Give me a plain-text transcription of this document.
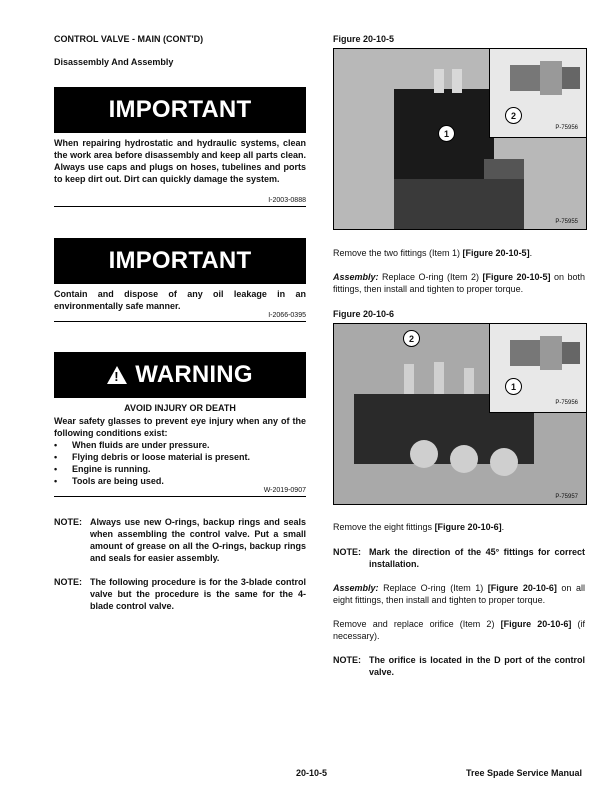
CONTROL VALVE - MAIN (CONT'D)
Disassembly And Assembly
IMPORTANT
When repairing hydrostatic and hydraulic systems, clean the work area before disassembly and keep all parts clean. Always use caps and plugs on hoses, tubelines and ports to keep dirt out. Dirt can quickly damage the system.
I-2003-0888
IMPORTANT
Contain and dispose of any oil leakage in an environmentally safe manner.
I-2066-0395
! WARNING
AVOID INJURY OR DEATH
Wear safety glasses to prevent eye injury when any of the following conditions exist:
•	When fluids are under pressure.
•	Flying debris or loose material is present.
•	Engine is running.
•	Tools are being used.
W-2019-0907
NOTE: Always use new O-rings, backup rings and seals when assembling the control valve. Put a small amount of grease on all the O-rings, backup rings and seals for easier assembly.
NOTE: The following procedure is for the 3-blade control valve but the procedure is the same for the 4-blade control valve.
Figure 20-10-5
P-75956
P-75955
1
2
Remove the two fittings (Item 1) [Figure 20-10-5].
Assembly: Replace O-ring (Item 2) [Figure 20-10-5] on both fittings, then install and tighten to proper torque.
Figure 20-10-6
P-75956
P-75957
2
1
Remove the eight fittings [Figure 20-10-6].
NOTE: Mark the direction of the 45° fittings for correct installation.
Assembly: Replace O-ring (Item 1) [Figure 20-10-6] on all eight fittings, then install and tighten to proper torque.
Remove and replace orifice (Item 2) [Figure 20-10-6] (if necessary).
NOTE: The orifice is located in the D port of the control valve.
20-10-5	Tree Spade Service Manual
